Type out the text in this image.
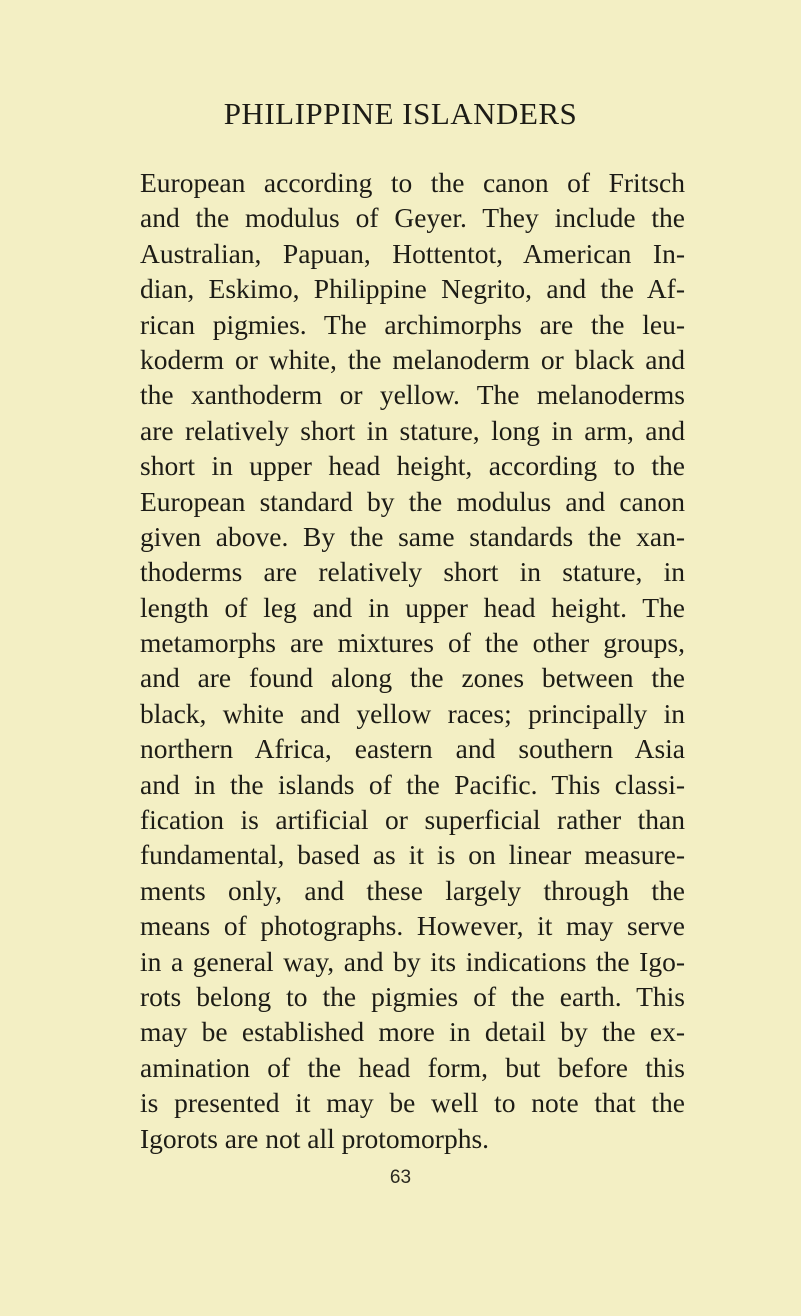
PHILIPPINE ISLANDERS
European according to the canon of Fritsch
and the modulus of Geyer. They include the
Australian, Papuan, Hottentot, American In-
dian, Eskimo, Philippine Negrito, and the Af-
rican pigmies. The archimorphs are the leu-
koderm or white, the melanoderm or black and
the xanthoderm or yellow. The melanoderms
are relatively short in stature, long in arm, and
short in upper head height, according to the
European standard by the modulus and canon
given above. By the same standards the xan-
thoderms are relatively short in stature, in
length of leg and in upper head height. The
metamorphs are mixtures of the other groups,
and are found along the zones between the
black, white and yellow races; principally in
northern Africa, eastern and southern Asia
and in the islands of the Pacific. This classi-
fication is artificial or superficial rather than
fundamental, based as it is on linear measure-
ments only, and these largely through the
means of photographs. However, it may serve
in a general way, and by its indications the Igo-
rots belong to the pigmies of the earth. This
may be established more in detail by the ex-
amination of the head form, but before this
is presented it may be well to note that the
Igorots are not all protomorphs.
63
